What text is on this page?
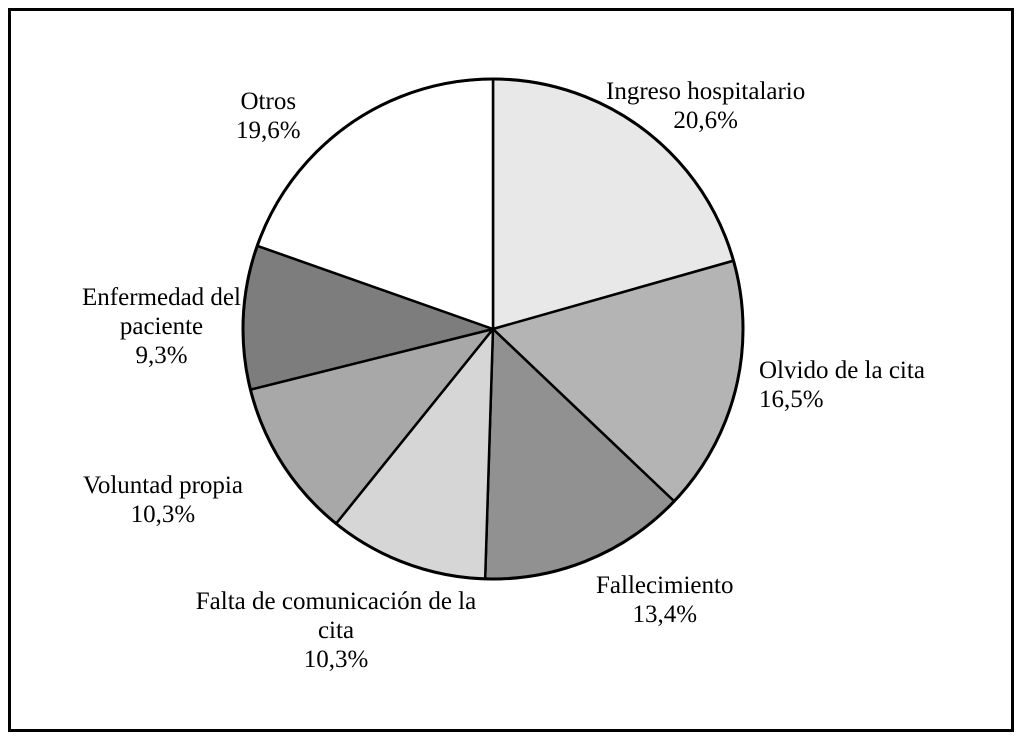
Ingreso hospitalario
20,6%
Olvido de la cita
16,5%
Fallecimiento
13,4%
Falta de comunicación de la cita
10,3%
Voluntad propia
10,3%
Enfermedad del paciente
9,3%
Otros
19,6%
